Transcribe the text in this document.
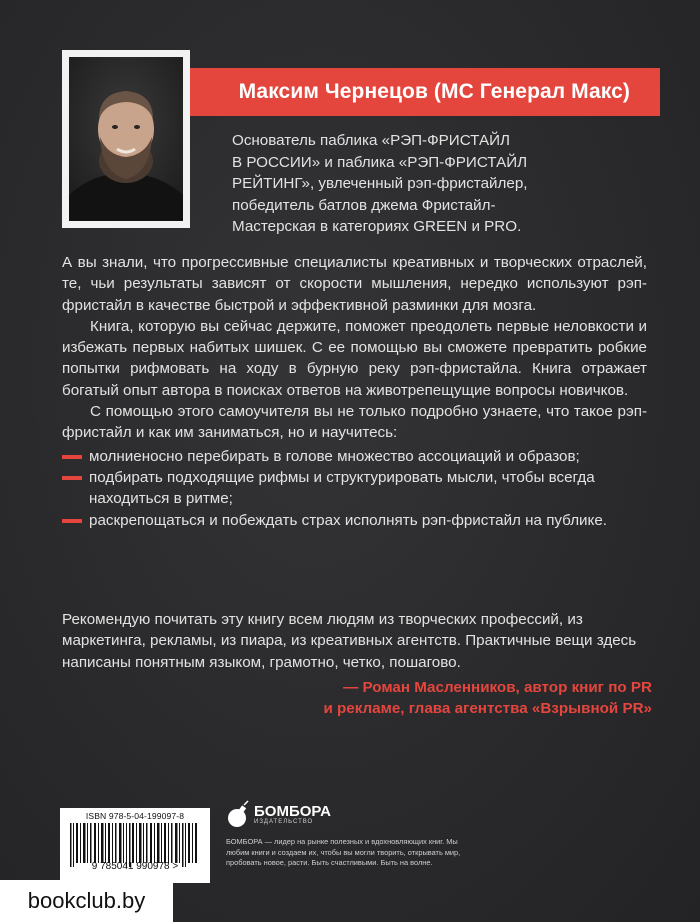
Максим Чернецов (MC Генерал Макс)

Основатель паблика «РЭП-ФРИСТАЙЛ

В РОССИИ» и паблика «РЭП-ФРИСТАЙЛ

РЕЙТИНГ», увлеченный рэп-фристайлер,

победитель батлов джема Фристайл-

Мастерская в категориях GREEN и PRO.

А вы знали, что прогрессивные специалисты креативных и творческих отраслей, те, чьи результаты зависят от скорости мышления, нередко используют рэп-фристайл в качестве быстрой и эффективной разминки для мозга.

Книга, которую вы сейчас держите, поможет преодолеть первые неловкости и избежать первых набитых шишек. С ее помощью вы сможете превратить робкие попытки рифмовать на ходу в бурную реку рэп-фристайла. Книга отражает богатый опыт автора в поисках ответов на животрепещущие вопросы новичков.

С помощью этого самоучителя вы не только подробно узнаете, что такое рэп-фристайл и как им заниматься, но и научитесь:

молниеносно перебирать в голове множество ассоциаций и образов;
подбирать подходящие рифмы и структурировать мысли, чтобы всегда находиться в ритме;
раскрепощаться и побеждать страх исполнять рэп-фристайл на публике.

Рекомендую почитать эту книгу всем людям из творческих профессий, из маркетинга, рекламы, из пиара, из креативных агентств. Практичные вещи здесь написаны понятным языком, грамотно, четко, пошагово.

— Роман Масленников, автор книг по PR

и рекламе, глава агентства «Взрывной PR»

ISBN 978-5-04-199097-8
9 785041 990978 >
БОМБОРА
ИЗДАТЕЛЬСТВО
БОМБОРА — лидер на рынке полезных и вдохновляющих книг. Мы любим книги и создаем их, чтобы вы могли творить, открывать мир, пробовать новое, расти. Быть счастливыми. Быть на волне.
bookclub.by
